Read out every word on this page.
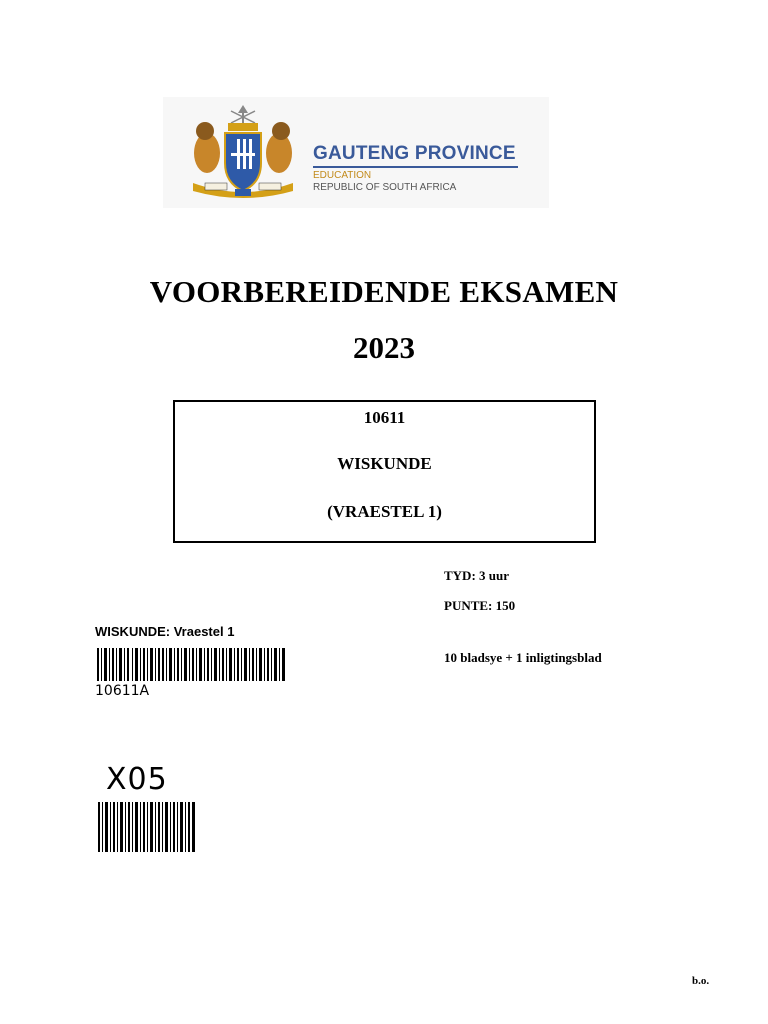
GAUTENG PROVINCE
EDUCATION
REPUBLIC OF SOUTH AFRICA
VOORBEREIDENDE EKSAMEN
2023
10611
WISKUNDE
(VRAESTEL 1)
TYD: 3 uur
PUNTE: 150
10 bladsye + 1 inligtingsblad
WISKUNDE: Vraestel 1
10611A
X05
b.o.
